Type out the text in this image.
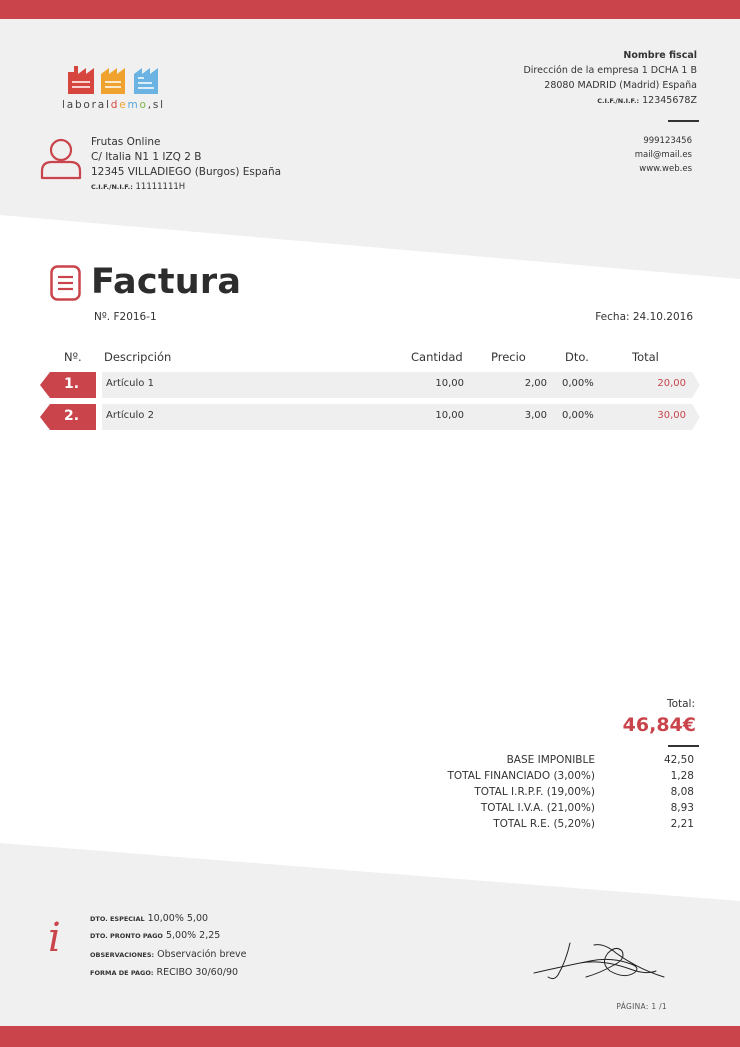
laboraldemo,sl
Nombre fiscal
Dirección de la empresa 1 DCHA 1 B
28080 MADRID (Madrid) España
C.I.F./N.I.F.: 12345678Z
999123456
mail@mail.es
www.web.es
Frutas Online
C/ Italia N1 1 IZQ 2 B
12345 VILLADIEGO (Burgos) España
C.I.F./N.I.F.: 11111111H
Factura
Nº. F2016-1	Fecha: 24.10.2016
Nº. Descripción	Cantidad Precio	Dto.	Total
1.	Artículo 1	10,00	2,00 0,00%	20,00
2.	Artículo 2	10,00	3,00 0,00%	30,00
Total:
46,84€
BASE IMPONIBLE	42,50
TOTAL FINANCIADO (3,00%)	1,28
TOTAL I.R.P.F. (19,00%)	8,08
TOTAL I.V.A. (21,00%)	8,93
TOTAL R.E. (5,20%)	2,21
i	DTO. ESPECIAL 10,00% 5,00
DTO. PRONTO PAGO 5,00% 2,25
OBSERVACIONES: Observación breve
FORMA DE PAGO: RECIBO 30/60/90
PÁGINA: 1 /1
